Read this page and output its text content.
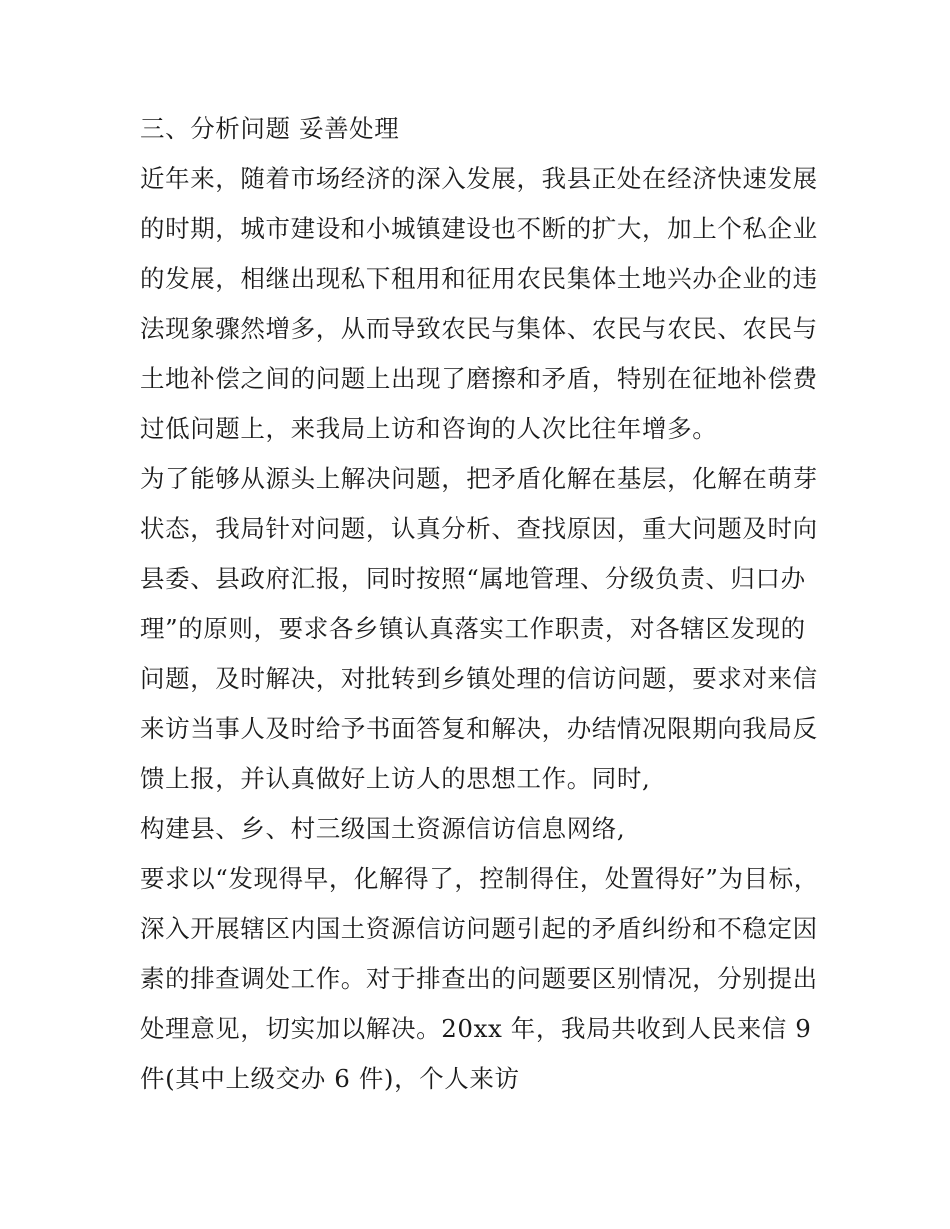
三、分析问题 妥善处理
近年来，随着市场经济的深入发展，我县正处在经济快速发展
的时期，城市建设和小城镇建设也不断的扩大，加上个私企业
的发展，相继出现私下租用和征用农民集体土地兴办企业的违
法现象骤然增多，从而导致农民与集体、农民与农民、农民与
土地补偿之间的问题上出现了磨擦和矛盾，特别在征地补偿费
过低问题上，来我局上访和咨询的人次比往年增多。
为了能够从源头上解决问题，把矛盾化解在基层，化解在萌芽
状态，我局针对问题，认真分析、查找原因，重大问题及时向
县委、县政府汇报，同时按照“属地管理、分级负责、归口办
理”的原则，要求各乡镇认真落实工作职责，对各辖区发现的
问题，及时解决，对批转到乡镇处理的信访问题，要求对来信
来访当事人及时给予书面答复和解决，办结情况限期向我局反
馈上报，并认真做好上访人的思想工作。同时,
构建县、乡、村三级国土资源信访信息网络,
要求以“发现得早，化解得了，控制得住，处置得好”为目标，
深入开展辖区内国土资源信访问题引起的矛盾纠纷和不稳定因
素的排查调处工作。对于排查出的问题要区别情况，分别提出
处理意见，切实加以解决。20xx 年，我局共收到人民来信 9
件(其中上级交办 6 件)，个人来访
